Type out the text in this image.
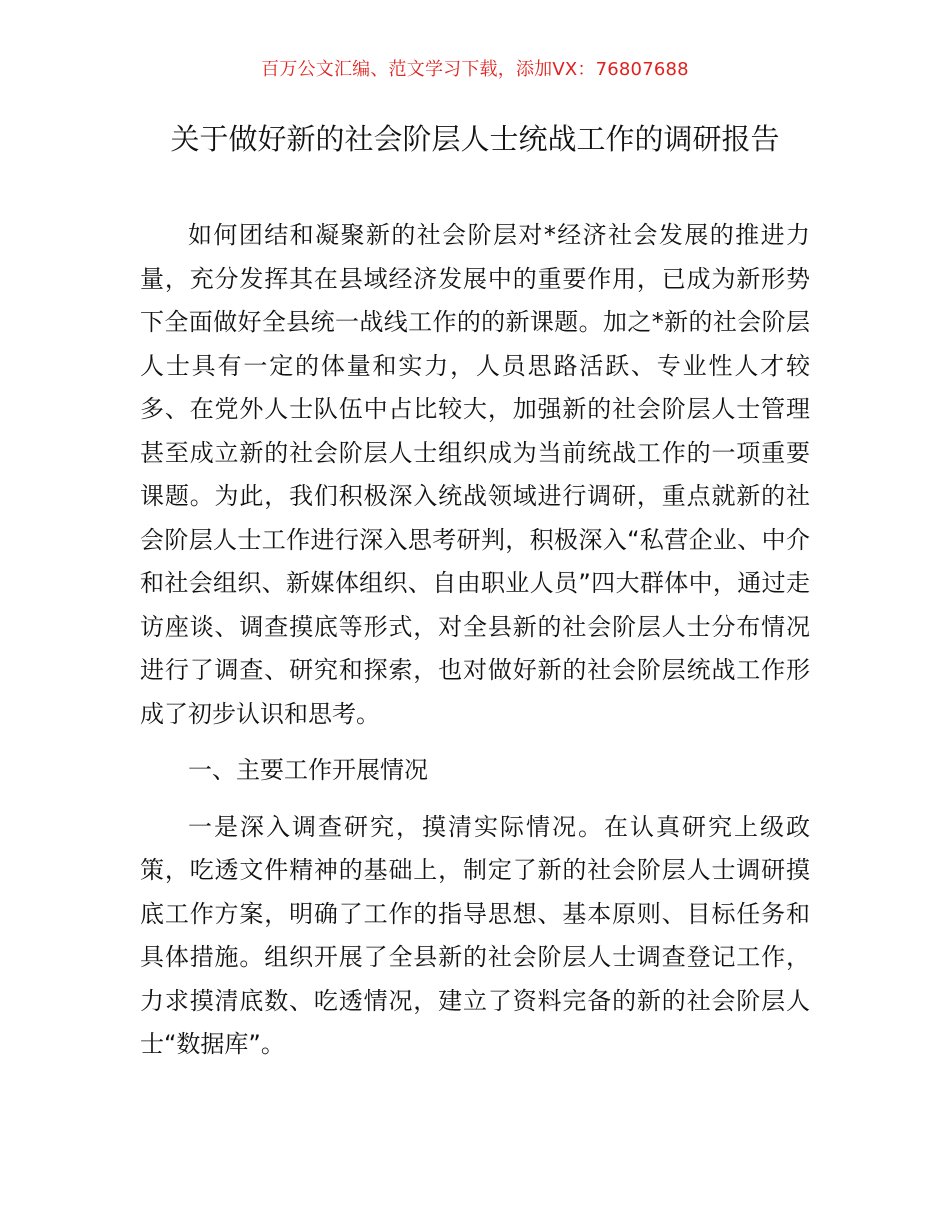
百万公文汇编、范文学习下载，添加VX：76807688
关于做好新的社会阶层人士统战工作的调研报告

如何团结和凝聚新的社会阶层对*经济社会发展的推进力量，充分发挥其在县域经济发展中的重要作用，已成为新形势下全面做好全县统一战线工作的的新课题。加之*新的社会阶层人士具有一定的体量和实力，人员思路活跃、专业性人才较多、在党外人士队伍中占比较大，加强新的社会阶层人士管理甚至成立新的社会阶层人士组织成为当前统战工作的一项重要课题。为此，我们积极深入统战领域进行调研，重点就新的社会阶层人士工作进行深入思考研判，积极深入“私营企业、中介和社会组织、新媒体组织、自由职业人员”四大群体中，通过走访座谈、调查摸底等形式，对全县新的社会阶层人士分布情况进行了调查、研究和探索，也对做好新的社会阶层统战工作形成了初步认识和思考。

一、主要工作开展情况

一是深入调查研究，摸清实际情况。在认真研究上级政策，吃透文件精神的基础上，制定了新的社会阶层人士调研摸底工作方案，明确了工作的指导思想、基本原则、目标任务和具体措施。组织开展了全县新的社会阶层人士调查登记工作，力求摸清底数、吃透情况，建立了资料完备的新的社会阶层人士“数据库”。
